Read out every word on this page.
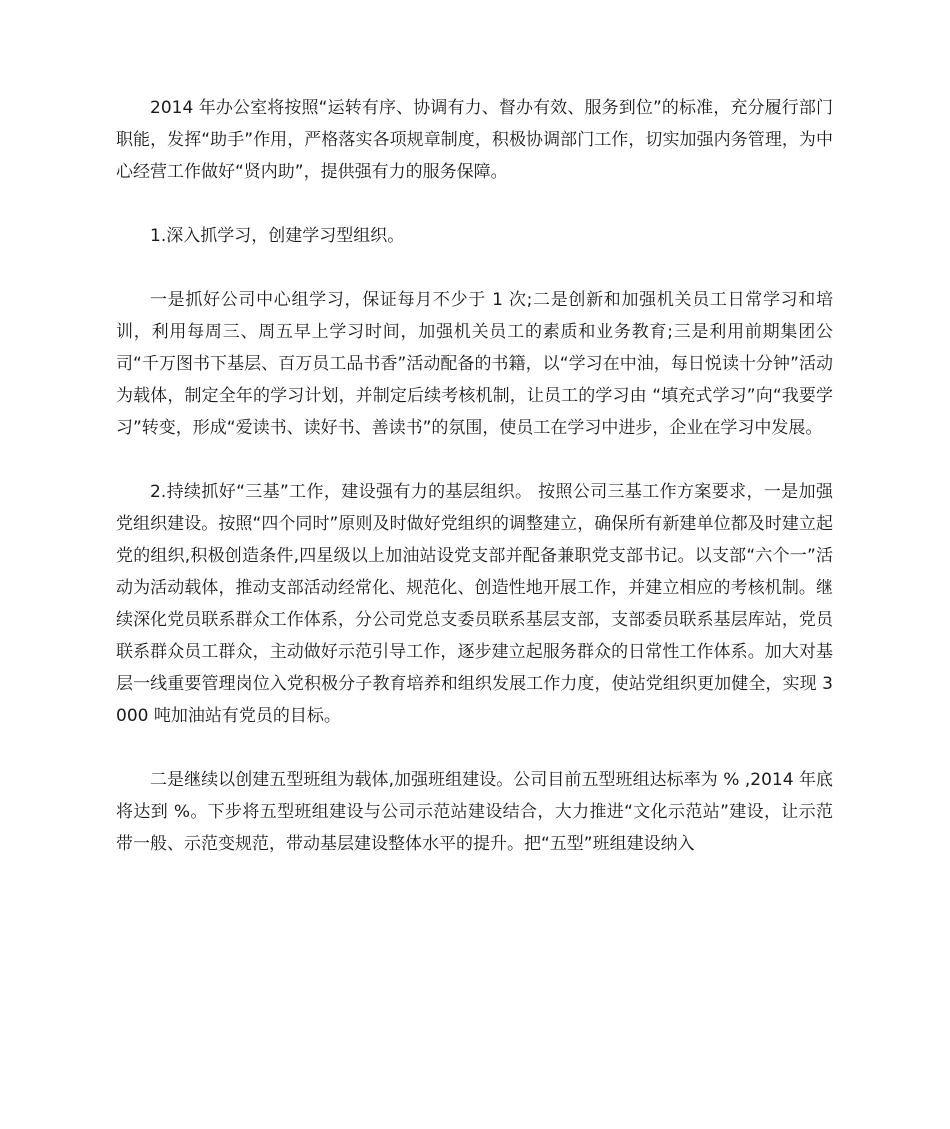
2014 年办公室将按照“运转有序、协调有力、督办有效、服务到位”的标准，充分履行部门职能，发挥“助手”作用，严格落实各项规章制度，积极协调部门工作，切实加强内务管理，为中心经营工作做好“贤内助”，提供强有力的服务保障。

1.深入抓学习，创建学习型组织。

一是抓好公司中心组学习，保证每月不少于 1 次;二是创新和加强机关员工日常学习和培训，利用每周三、周五早上学习时间，加强机关员工的素质和业务教育;三是利用前期集团公司“千万图书下基层、百万员工品书香”活动配备的书籍，以“学习在中油，每日悦读十分钟”活动为载体，制定全年的学习计划，并制定后续考核机制，让员工的学习由 “填充式学习”向“我要学习”转变，形成“爱读书、读好书、善读书”的氛围，使员工在学习中进步，企业在学习中发展。

2.持续抓好“三基”工作，建设强有力的基层组织。 按照公司三基工作方案要求，一是加强党组织建设。按照“四个同时”原则及时做好党组织的调整建立，确保所有新建单位都及时建立起党的组织,积极创造条件,四星级以上加油站设党支部并配备兼职党支部书记。以支部“六个一”活动为活动载体，推动支部活动经常化、规范化、创造性地开展工作，并建立相应的考核机制。继续深化党员联系群众工作体系，分公司党总支委员联系基层支部，支部委员联系基层库站，党员联系群众员工群众，主动做好示范引导工作，逐步建立起服务群众的日常性工作体系。加大对基层一线重要管理岗位入党积极分子教育培养和组织发展工作力度，使站党组织更加健全，实现 3000 吨加油站有党员的目标。

二是继续以创建五型班组为载体,加强班组建设。公司目前五型班组达标率为 % ,2014 年底将达到 %。下步将五型班组建设与公司示范站建设结合，大力推进“文化示范站”建设，让示范带一般、示范变规范，带动基层建设整体水平的提升。把“五型”班组建设纳入
